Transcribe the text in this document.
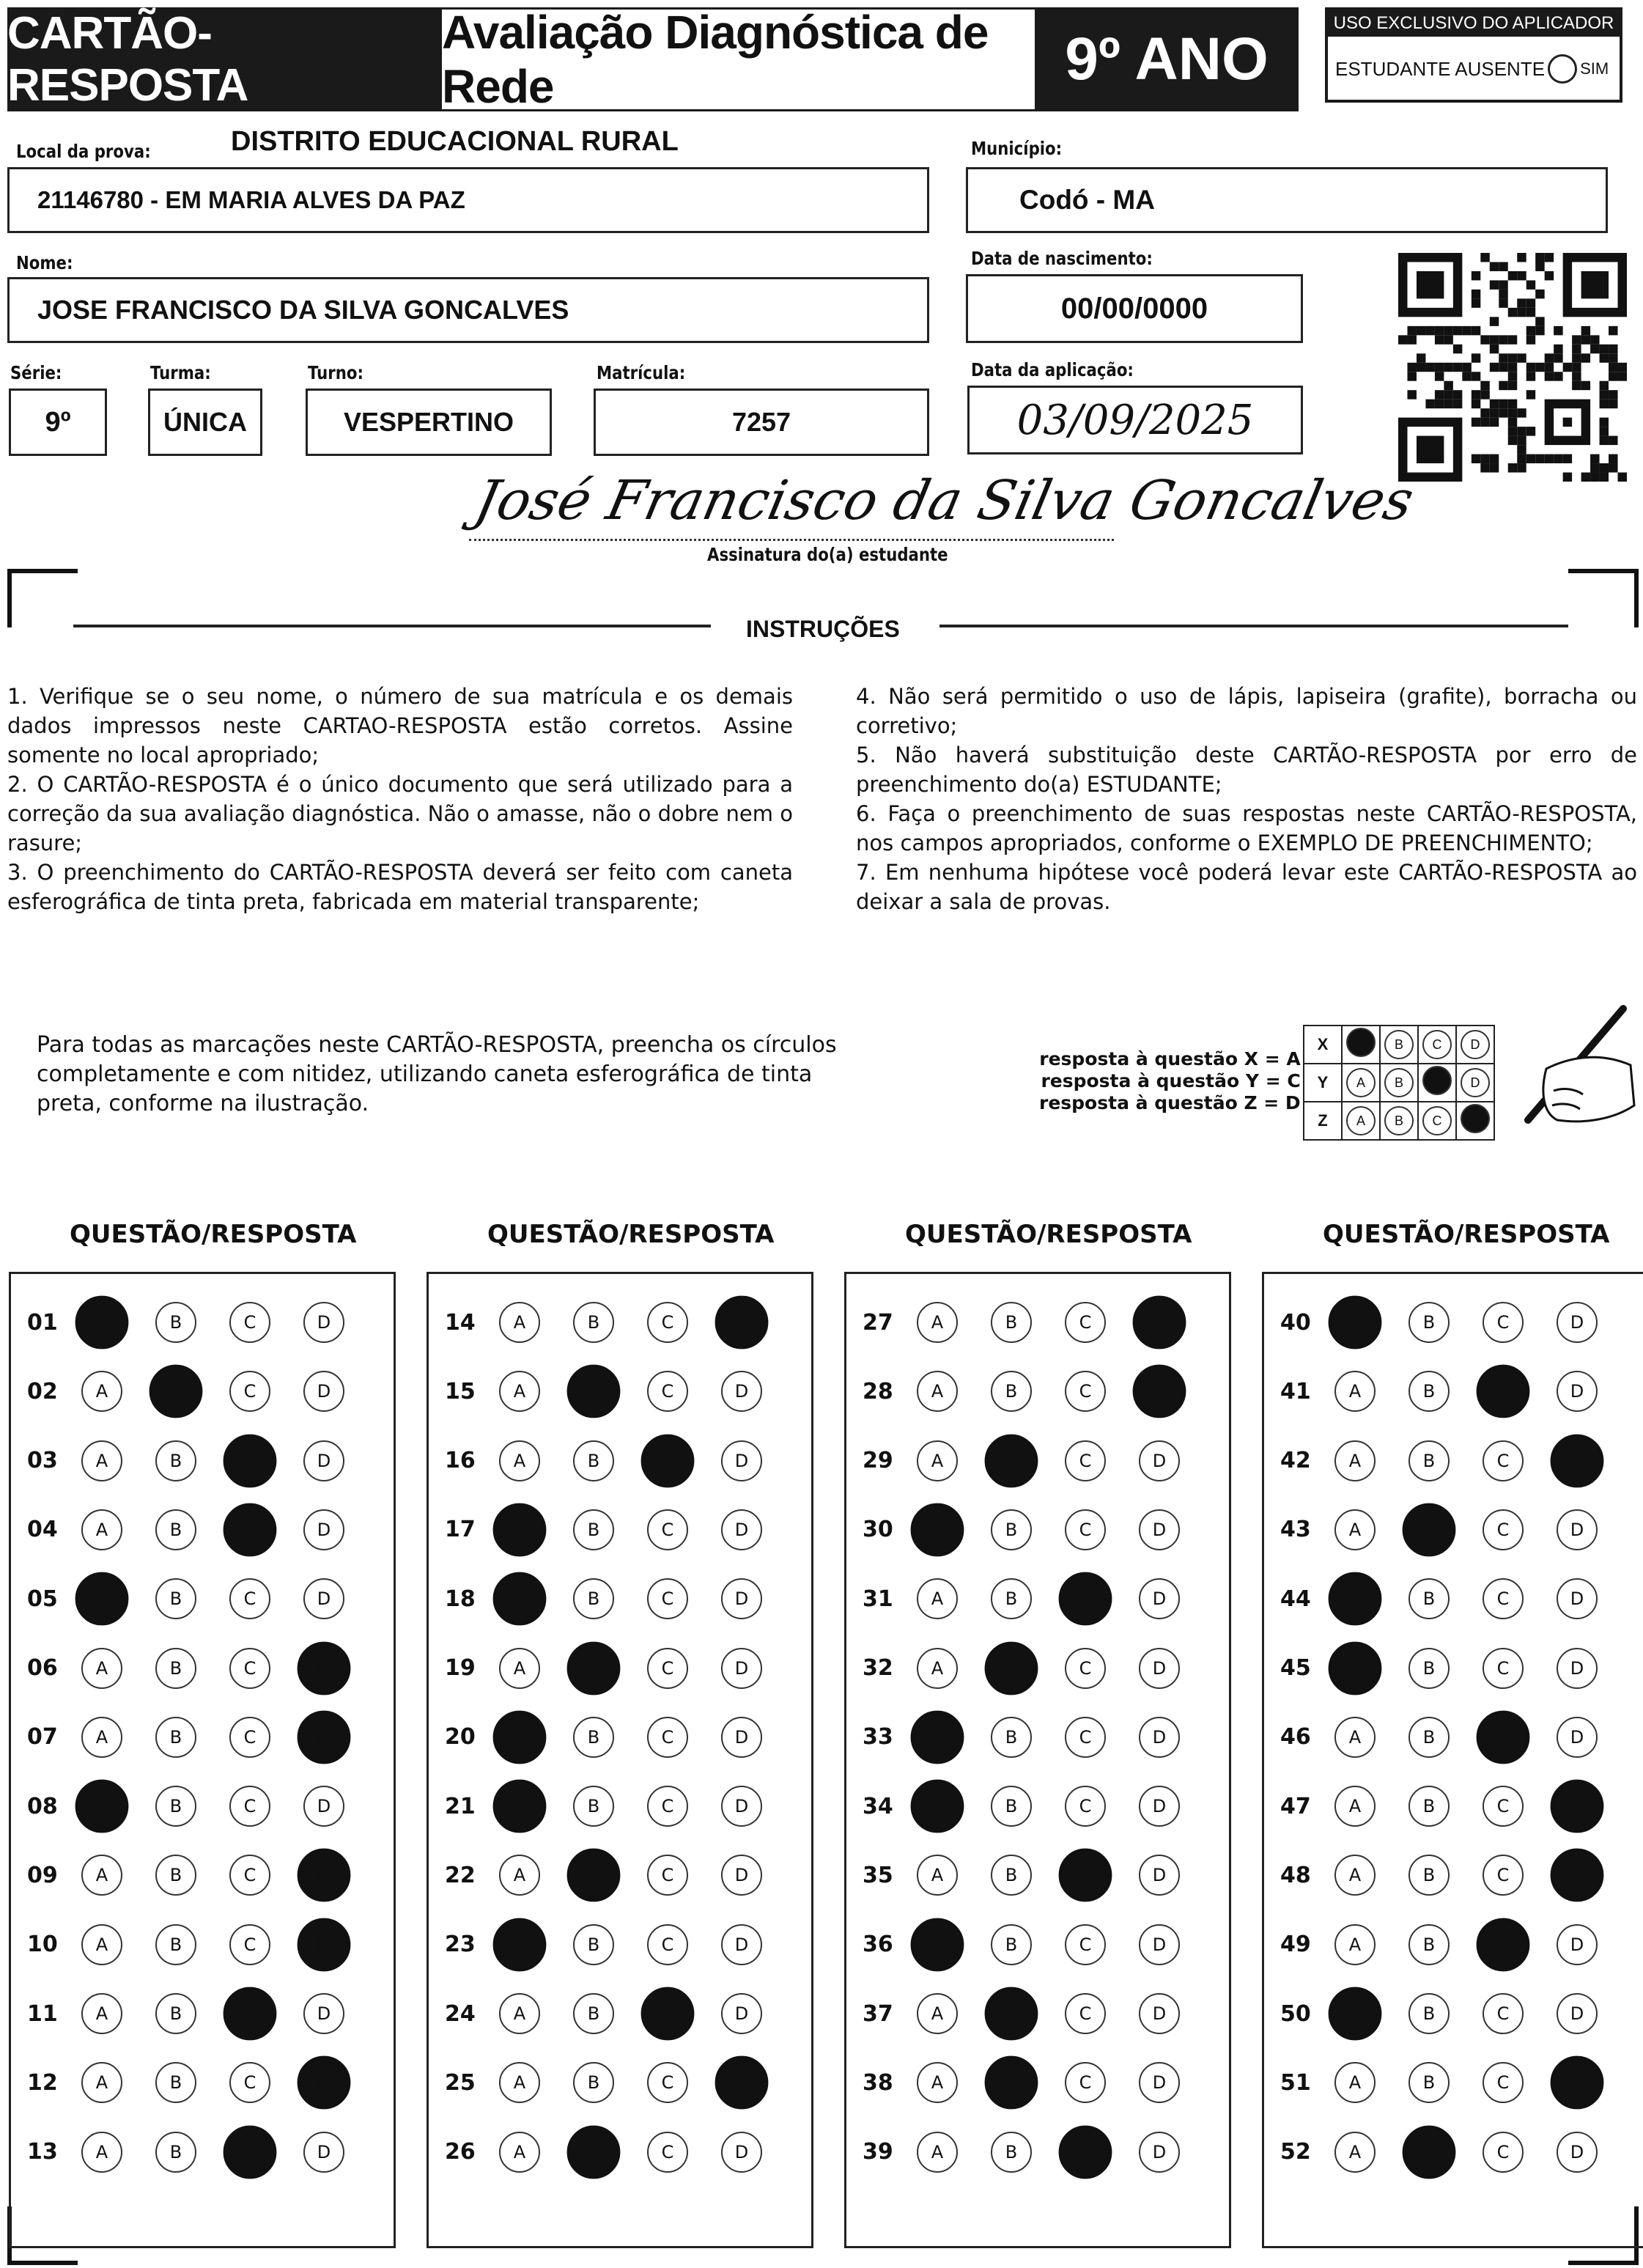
CARTÃO-RESPOSTA
Avaliação Diagnóstica de Rede	9º ANO
USO EXCLUSIVO DO APLICADOR
ESTUDANTE AUSENTE SIM
Local da prova:	DISTRITO EDUCACIONAL RURAL
21146780 - EM MARIA ALVES DA PAZ
Município:
Codó - MA
Nome:
JOSE FRANCISCO DA SILVA GONCALVES
Data de nascimento:
00/00/0000
Série:
9º
Turma:
ÚNICA
Turno:
VESPERTINO
Matrícula:
7257
Data da aplicação:
03/09/2025
José Francisco da Silva Goncalves
Assinatura do(a) estudante
INSTRUÇÕES

1. Verifique se o seu nome, o número de sua matrícula e os demais dados impressos neste CARTAO-RESPOSTA estão corretos. Assine somente no local apropriado;

2. O CARTÃO-RESPOSTA é o único documento que será utilizado para a correção da sua avaliação diagnóstica. Não o amasse, não o dobre nem o rasure;

3. O preenchimento do CARTÃO-RESPOSTA deverá ser feito com caneta esferográfica de tinta preta, fabricada em material transparente;

4. Não será permitido o uso de lápis, lapiseira (grafite), borracha ou corretivo;

5. Não haverá substituição deste CARTÃO-RESPOSTA por erro de preenchimento do(a) ESTUDANTE;

6. Faça o preenchimento de suas respostas neste CARTÃO-RESPOSTA, nos campos apropriados, conforme o EXEMPLO DE PREENCHIMENTO;

7. Em nenhuma hipótese você poderá levar este CARTÃO-RESPOSTA ao deixar a sala de provas.

Para todas as marcações neste CARTÃO-RESPOSTA, preencha os círculos completamente e com nitidez, utilizando caneta esferográfica de tinta preta, conforme na ilustração.
resposta à questão X = A
resposta à questão Y = C
resposta à questão Z = D
X		B	C	D
Y	A	B		D
Z	A	B	C	
QUESTÃO/RESPOSTA	QUESTÃO/RESPOSTA	QUESTÃO/RESPOSTA	QUESTÃO/RESPOSTA
01	A	B	C	D
02	A	B	C	D
03	A	B	C	D
04	A	B	C	D
05	A	B	C	D
06	A	B	C	D
07	A	B	C	D
08	A	B	C	D
09	A	B	C	D
10	A	B	C	D
11	A	B	C	D
12	A	B	C	D
13	A	B	C	D
14	A	B	C	D
15	A	B	C	D
16	A	B	C	D
17	A	B	C	D
18	A	B	C	D
19	A	B	C	D
20	A	B	C	D
21	A	B	C	D
22	A	B	C	D
23	A	B	C	D
24	A	B	C	D
25	A	B	C	D
26	A	B	C	D
27	A	B	C	D
28	A	B	C	D
29	A	B	C	D
30	A	B	C	D
31	A	B	C	D
32	A	B	C	D
33	A	B	C	D
34	A	B	C	D
35	A	B	C	D
36	A	B	C	D
37	A	B	C	D
38	A	B	C	D
39	A	B	C	D
40	A	B	C	D
41	A	B	C	D
42	A	B	C	D
43	A	B	C	D
44	A	B	C	D
45	A	B	C	D
46	A	B	C	D
47	A	B	C	D
48	A	B	C	D
49	A	B	C	D
50	A	B	C	D
51	A	B	C	D
52	A	B	C	D
